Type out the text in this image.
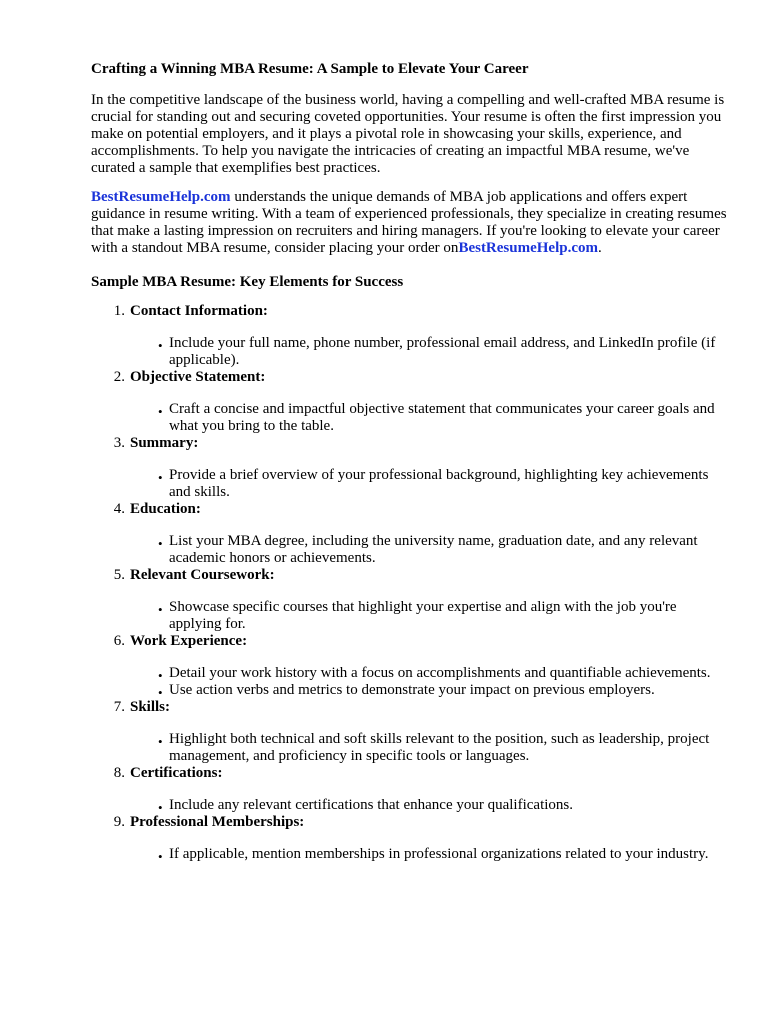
Crafting a Winning MBA Resume: A Sample to Elevate Your Career

In the competitive landscape of the business world, having a compelling and well-crafted MBA resume is crucial for standing out and securing coveted opportunities. Your resume is often the first impression you make on potential employers, and it plays a pivotal role in showcasing your skills, experience, and accomplishments. To help you navigate the intricacies of creating an impactful MBA resume, we've curated a sample that exemplifies best practices.

BestResumeHelp.com understands the unique demands of MBA job applications and offers expert guidance in resume writing. With a team of experienced professionals, they specialize in creating resumes that make a lasting impression on recruiters and hiring managers. If you're looking to elevate your career with a standout MBA resume, consider placing your order onBestResumeHelp.com.

Sample MBA Resume: Key Elements for Success
1. Contact Information:
• Include your full name, phone number, professional email address, and LinkedIn profile (if applicable).
2. Objective Statement:
• Craft a concise and impactful objective statement that communicates your career goals and what you bring to the table.
3. Summary:
• Provide a brief overview of your professional background, highlighting key achievements and skills.
4. Education:
• List your MBA degree, including the university name, graduation date, and any relevant academic honors or achievements.
5. Relevant Coursework:
• Showcase specific courses that highlight your expertise and align with the job you're applying for.
6. Work Experience:
• Detail your work history with a focus on accomplishments and quantifiable achievements.
• Use action verbs and metrics to demonstrate your impact on previous employers.
7. Skills:
• Highlight both technical and soft skills relevant to the position, such as leadership, project management, and proficiency in specific tools or languages.
8. Certifications:
• Include any relevant certifications that enhance your qualifications.
9. Professional Memberships:
• If applicable, mention memberships in professional organizations related to your industry.
